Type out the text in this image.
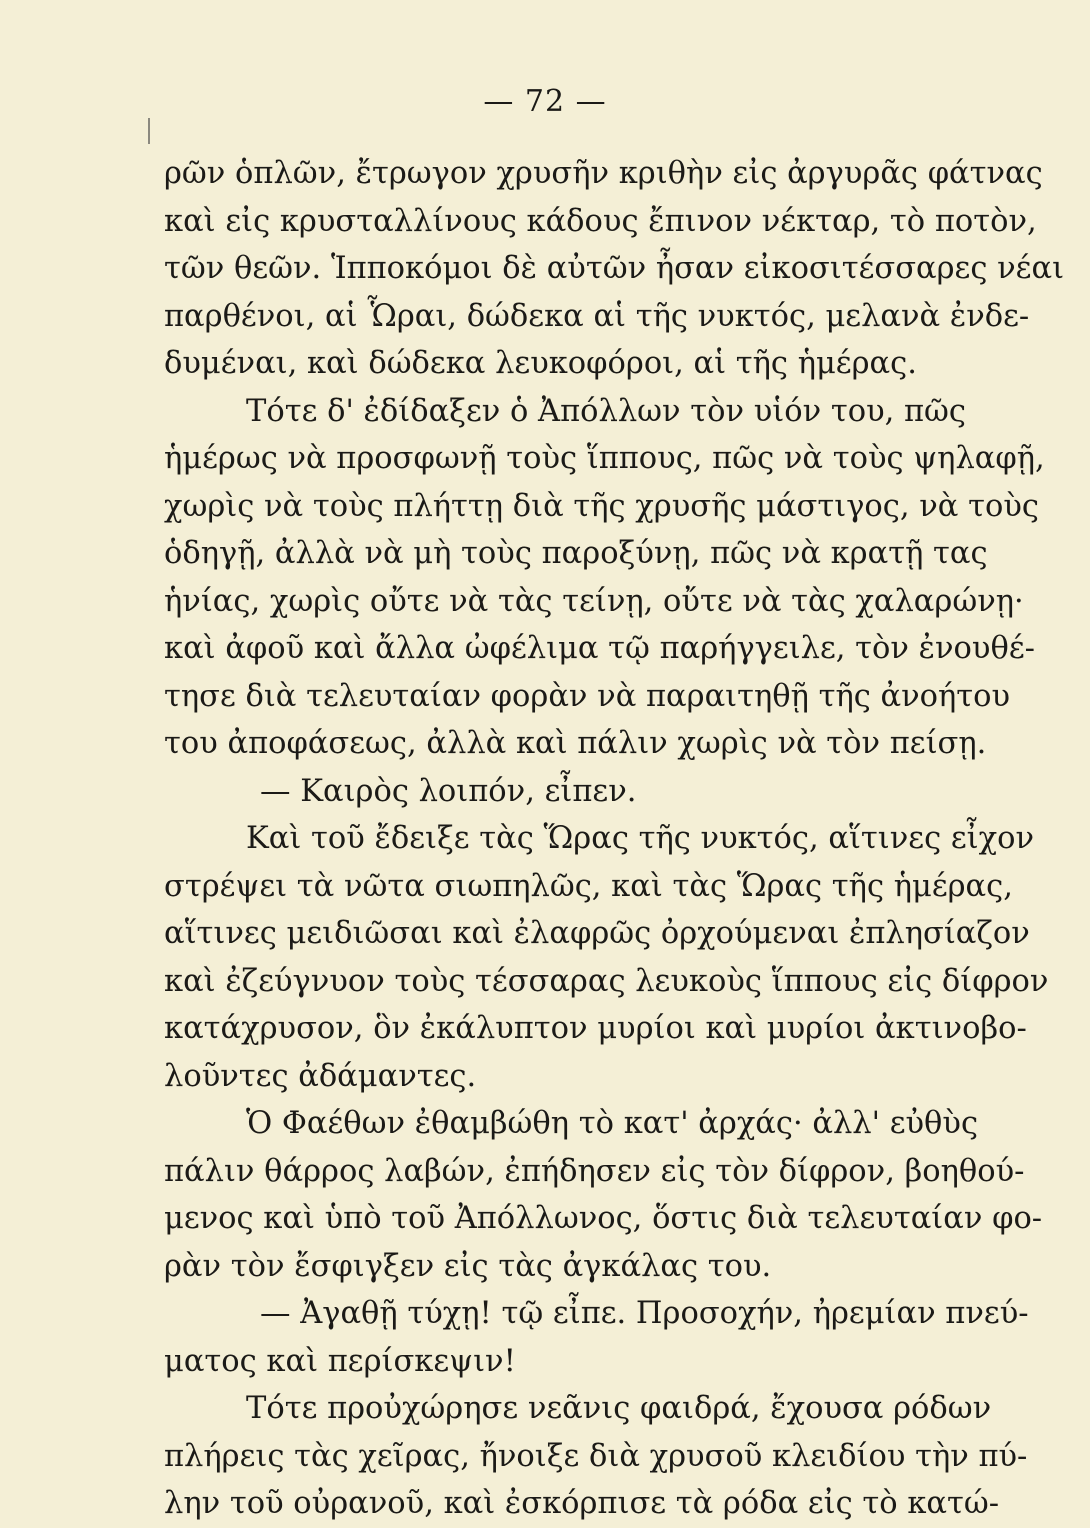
— 72 —
ρῶν ὁπλῶν, ἔτρωγον χρυσῆν κριθὴν εἰς ἀργυρᾶς φάτνας
καὶ εἰς κρυσταλλίνους κάδους ἔπινον νέκταρ, τὸ ποτὸν,
τῶν θεῶν. Ἱπποκόμοι δὲ αὐτῶν ἦσαν εἰκοσιτέσσαρες νέαι
παρθένοι, αἱ Ὧραι, δώδεκα αἱ τῆς νυκτός, μελανὰ ἐνδε-
δυμέναι, καὶ δώδεκα λευκοφόροι, αἱ τῆς ἡμέρας.
Τότε δ' ἐδίδαξεν ὁ Ἀπόλλων τὸν υἱόν του, πῶς
ἡμέρως νὰ προσφωνῇ τοὺς ἵππους, πῶς νὰ τοὺς ψηλαφῇ,
χωρὶς νὰ τοὺς πλήττῃ διὰ τῆς χρυσῆς μάστιγος, νὰ τοὺς
ὁδηγῇ, ἀλλὰ νὰ μὴ τοὺς παροξύνῃ, πῶς νὰ κρατῇ τας
ἡνίας, χωρὶς οὔτε νὰ τὰς τείνῃ, οὔτε νὰ τὰς χαλαρώνῃ·
καὶ ἀφοῦ καὶ ἄλλα ὠφέλιμα τῷ παρήγγειλε, τὸν ἐνουθέ-
τησε διὰ τελευταίαν φορὰν νὰ παραιτηθῇ τῆς ἀνοήτου
του ἀποφάσεως, ἀλλὰ καὶ πάλιν χωρὶς νὰ τὸν πείσῃ.
— Καιρὸς λοιπόν, εἶπεν.
Καὶ τοῦ ἔδειξε τὰς Ὥρας τῆς νυκτός, αἵτινες εἶχον
στρέψει τὰ νῶτα σιωπηλῶς, καὶ τὰς Ὥρας τῆς ἡμέρας,
αἵτινες μειδιῶσαι καὶ ἐλαφρῶς ὀρχούμεναι ἐπλησίαζον
καὶ ἐζεύγνυον τοὺς τέσσαρας λευκοὺς ἵππους εἰς δίφρον
κατάχρυσον, ὃν ἐκάλυπτον μυρίοι καὶ μυρίοι ἀκτινοβο-
λοῦντες ἀδάμαντες.
Ὁ Φαέθων ἐθαμβώθη τὸ κατ' ἀρχάς· ἀλλ' εὐθὺς
πάλιν θάρρος λαβών, ἐπήδησεν εἰς τὸν δίφρον, βοηθού-
μενος καὶ ὑπὸ τοῦ Ἀπόλλωνος, ὅστις διὰ τελευταίαν φο-
ρὰν τὸν ἔσφιγξεν εἰς τὰς ἀγκάλας του.
— Ἀγαθῇ τύχῃ! τῷ εἶπε. Προσοχήν, ἠρεμίαν πνεύ-
ματος καὶ περίσκεψιν!
Τότε προὐχώρησε νεᾶνις φαιδρά, ἔχουσα ρόδων
πλήρεις τὰς χεῖρας, ἤνοιξε διὰ χρυσοῦ κλειδίου τὴν πύ-
λην τοῦ οὐρανοῦ, καὶ ἐσκόρπισε τὰ ρόδα εἰς τὸ κατώ-
